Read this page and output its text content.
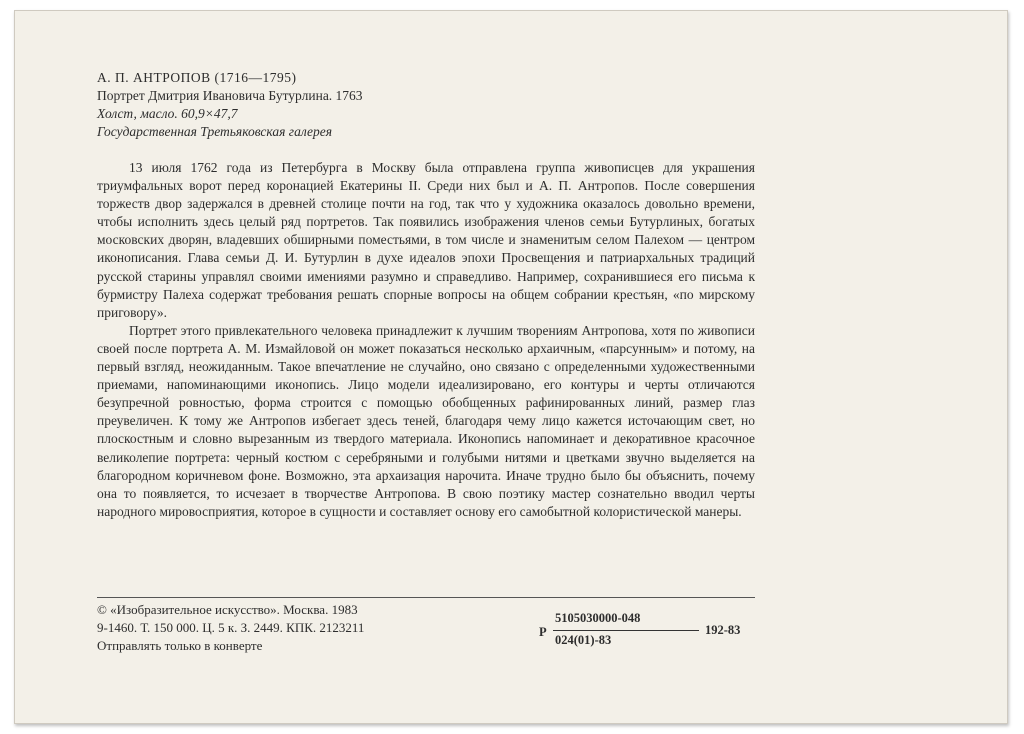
А. П. АНТРОПОВ (1716—1795)
Портрет Дмитрия Ивановича Бутурлина. 1763
Холст, масло. 60,9×47,7
Государственная Третьяковская галерея

13 июля 1762 года из Петербурга в Москву была отправлена группа живописцев для украшения триумфальных ворот перед коронацией Екатерины II. Среди них был и А. П. Антропов. После совершения торжеств двор задержался в древней столице почти на год, так что у художника оказалось довольно времени, чтобы исполнить здесь целый ряд портретов. Так появились изображения членов семьи Бутурлиных, богатых московских дворян, владевших обширными поместьями, в том числе и знаменитым селом Палехом — центром иконописания. Глава семьи Д. И. Бутурлин в духе идеалов эпохи Просвещения и патриархальных традиций русской старины управлял своими имениями разумно и справедливо. Например, сохранившиеся его письма к бурмистру Палеха содержат требования решать спорные вопросы на общем собрании крестьян, «по мирскому приговору».

Портрет этого привлекательного человека принадлежит к лучшим творениям Антропова, хотя по живописи своей после портрета А. М. Измайловой он может показаться несколько архаичным, «парсунным» и потому, на первый взгляд, неожиданным. Такое впечатление не случайно, оно связано с определенными художественными приемами, напоминающими иконопись. Лицо модели идеализировано, его контуры и черты отличаются безупречной ровностью, форма строится с помощью обобщенных рафинированных линий, размер глаз преувеличен. К тому же Антропов избегает здесь теней, благодаря чему лицо кажется источающим свет, но плоскостным и словно вырезанным из твердого материала. Иконопись напоминает и декоративное красочное великолепие портрета: черный костюм с серебряными и голубыми нитями и цветками звучно выделяется на благородном коричневом фоне. Возможно, эта архаизация нарочита. Иначе трудно было бы объяснить, почему она то появляется, то исчезает в творчестве Антропова. В свою поэтику мастер сознательно вводил черты народного мировосприятия, которое в сущности и составляет основу его самобытной колористической манеры.

© «Изобразительное искусство». Москва. 1983
9-1460. Т. 150 000. Ц. 5 к. З. 2449. КПК. 2123211
Отправлять только в конверте
Р
5105030000-048
024(01)-83
192-83
